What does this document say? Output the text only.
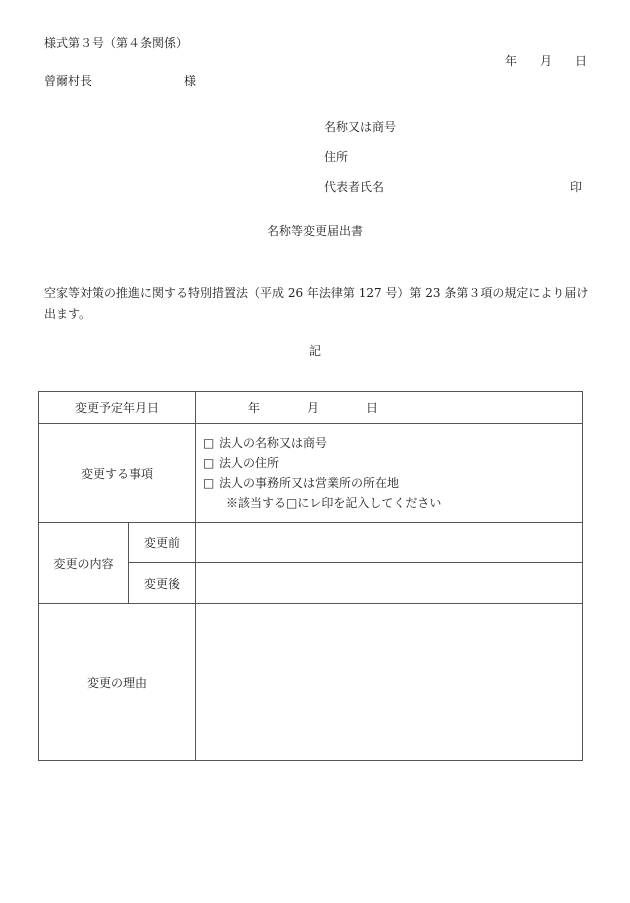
様式第３号（第４条関係）
年 月 日
曾爾村長	様
名称又は商号
住所
代表者氏名	印
名称等変更届出書
空家等対策の推進に関する特別措置法（平成 26 年法律第 127 号）第 23 条第３項の規定により届け出ます。
記
変更予定年月日		年 月 日
変更する事項		□ 法人の名称又は商号
□ 法人の住所
□ 法人の事務所又は営業所の所在地
※該当する□にレ印を記入してください

変更の内容	変更前	
	変更後	
変更の理由		
